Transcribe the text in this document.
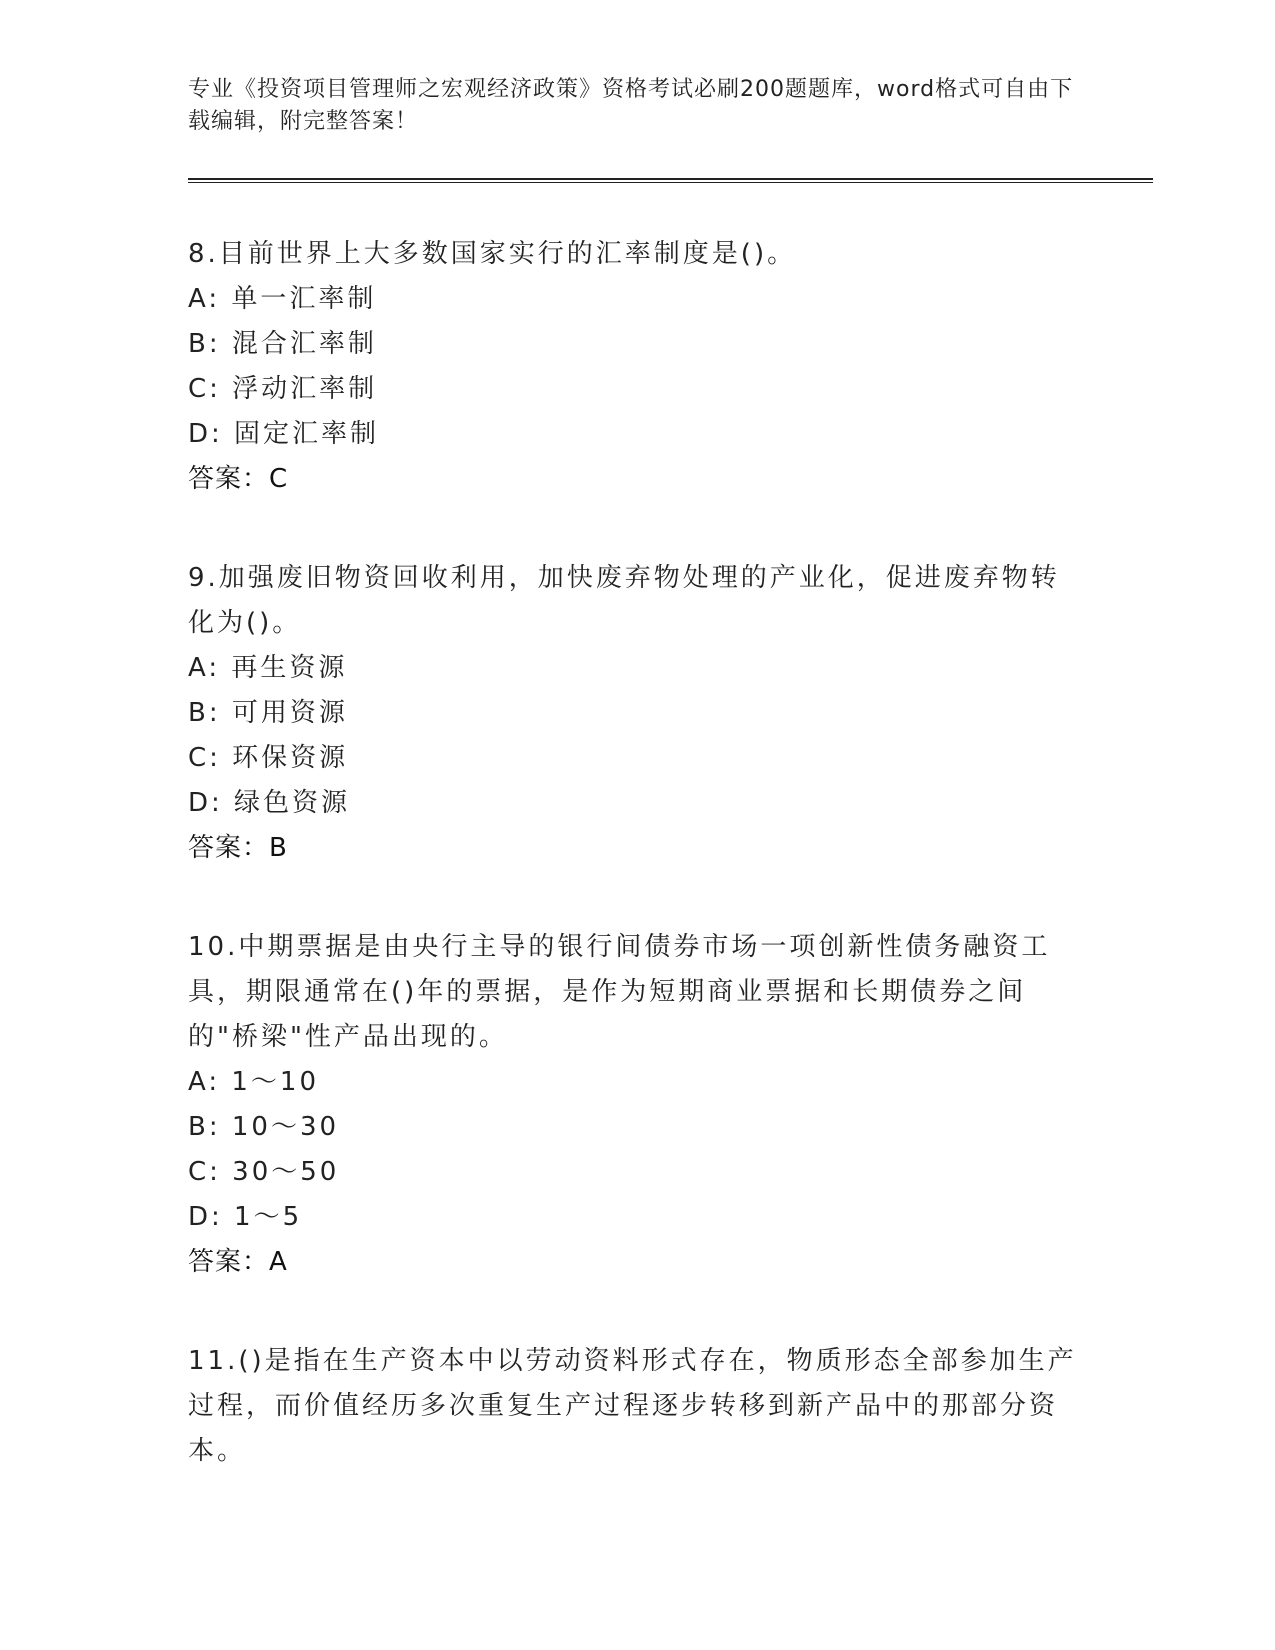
专业《投资项目管理师之宏观经济政策》资格考试必刷200题题库，word格式可自由下载编辑，附完整答案！

8.目前世界上大多数国家实行的汇率制度是()。

A: 单一汇率制
B: 混合汇率制
C: 浮动汇率制
D: 固定汇率制
答案：C

9.加强废旧物资回收利用，加快废弃物处理的产业化，促进废弃物转化为()。

A: 再生资源
B: 可用资源
C: 环保资源
D: 绿色资源
答案：B

10.中期票据是由央行主导的银行间债券市场一项创新性债务融资工具，期限通常在()年的票据，是作为短期商业票据和长期债券之间的"桥梁"性产品出现的。

A: 1～10
B: 10～30
C: 30～50
D: 1～5
答案：A

11.()是指在生产资本中以劳动资料形式存在，物质形态全部参加生产过程，而价值经历多次重复生产过程逐步转移到新产品中的那部分资本。
